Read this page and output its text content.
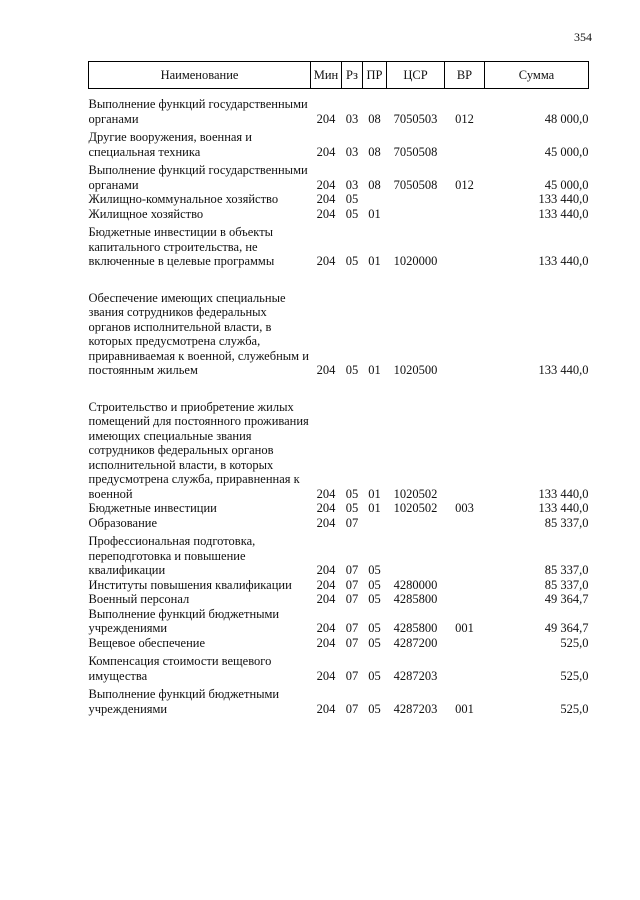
354
Наименование	Мин	Рз	ПР	ЦСР	ВР	Сумма

Выполнение функций государственными органами	204	03	08	7050503	012	48 000,0
Другие вооружения, военная и специальная техника	204	03	08	7050508		45 000,0
Выполнение функций государственными органами	204	03	08	7050508	012	45 000,0
Жилищно-коммунальное хозяйство	204	05				133 440,0
Жилищное хозяйство	204	05	01			133 440,0
Бюджетные инвестиции в объекты капитального строительства, не включенные в целевые программы	204	05	01	1020000		133 440,0
Обеспечение имеющих специальные звания сотрудников федеральных органов исполнительной власти, в которых предусмотрена служба, приравниваемая к военной, служебным и постоянным жильем	204	05	01	1020500		133 440,0
Строительство и приобретение жилых помещений для постоянного проживания имеющих специальные звания сотрудников федеральных органов исполнительной власти, в которых предусмотрена служба, приравненная к военной	204	05	01	1020502		133 440,0
Бюджетные инвестиции	204	05	01	1020502	003	133 440,0
Образование	204	07				85 337,0
Профессиональная подготовка, переподготовка и повышение квалификации	204	07	05			85 337,0
Институты повышения квалификации	204	07	05	4280000		85 337,0
Военный персонал	204	07	05	4285800		49 364,7
Выполнение функций бюджетными учреждениями	204	07	05	4285800	001	49 364,7
Вещевое обеспечение	204	07	05	4287200		525,0
Компенсация стоимости вещевого имущества	204	07	05	4287203		525,0
Выполнение функций бюджетными учреждениями	204	07	05	4287203	001	525,0
